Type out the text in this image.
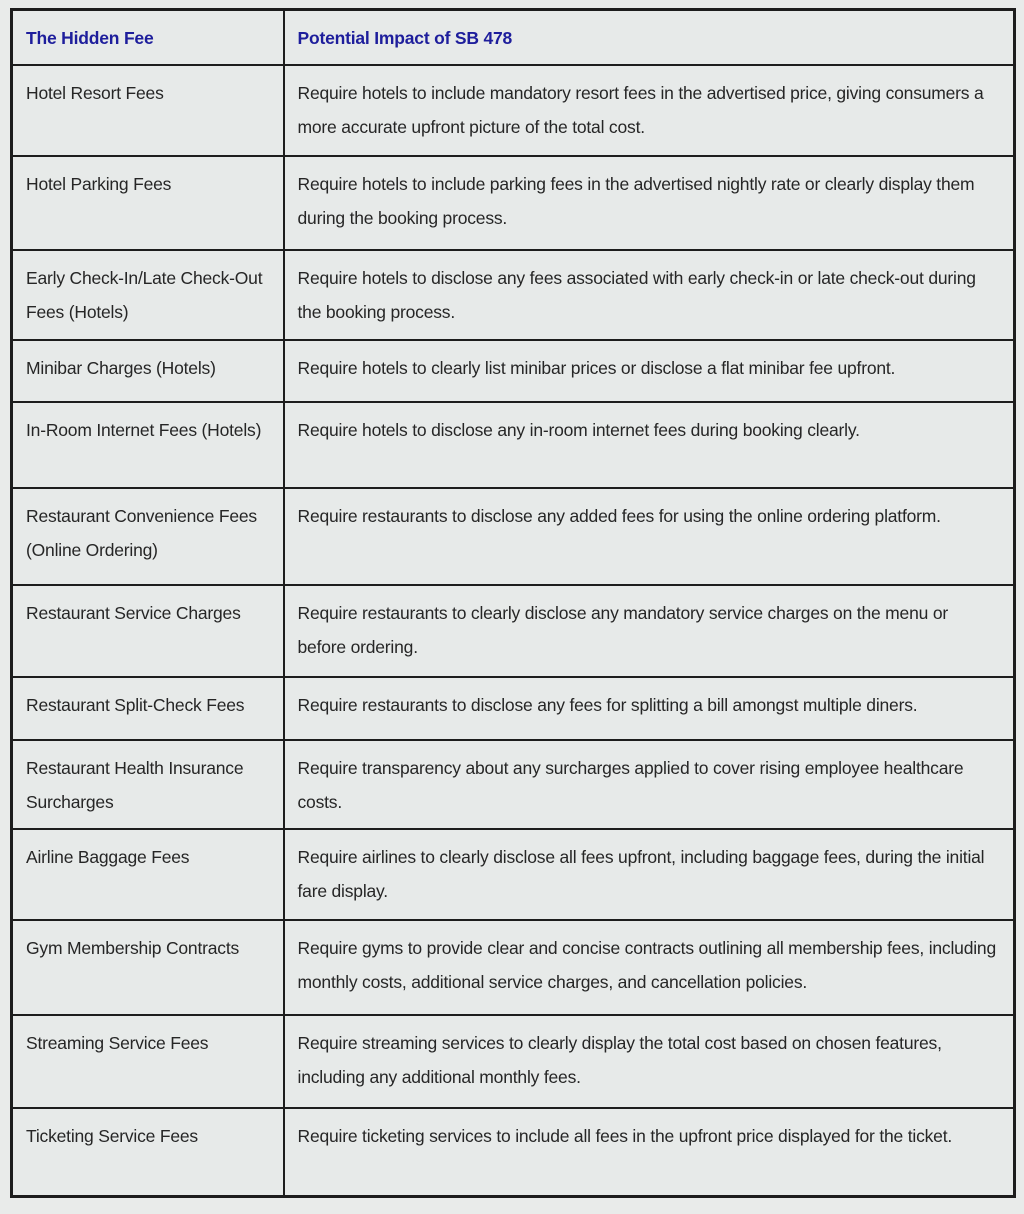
The Hidden Fee	Potential Impact of SB 478
Hotel Resort Fees	Require hotels to include mandatory resort fees in the advertised price, giving consumers a more accurate upfront picture of the total cost.
Hotel Parking Fees	Require hotels to include parking fees in the advertised nightly rate or clearly display them during the booking process.
Early Check-In/Late Check-Out Fees (Hotels)	Require hotels to disclose any fees associated with early check-in or late check-out during the booking process.
Minibar Charges (Hotels)	Require hotels to clearly list minibar prices or disclose a flat minibar fee upfront.
In-Room Internet Fees (Hotels)	Require hotels to disclose any in-room internet fees during booking clearly.
Restaurant Convenience Fees (Online Ordering)	Require restaurants to disclose any added fees for using the online ordering platform.
Restaurant Service Charges	Require restaurants to clearly disclose any mandatory service charges on the menu or before ordering.
Restaurant Split-Check Fees	Require restaurants to disclose any fees for splitting a bill amongst multiple diners.
Restaurant Health Insurance Surcharges	Require transparency about any surcharges applied to cover rising employee healthcare costs.
Airline Baggage Fees	Require airlines to clearly disclose all fees upfront, including baggage fees, during the initial fare display.
Gym Membership Contracts	Require gyms to provide clear and concise contracts outlining all membership fees, including monthly costs, additional service charges, and cancellation policies.
Streaming Service Fees	Require streaming services to clearly display the total cost based on chosen features, including any additional monthly fees.
Ticketing Service Fees	Require ticketing services to include all fees in the upfront price displayed for the ticket.
